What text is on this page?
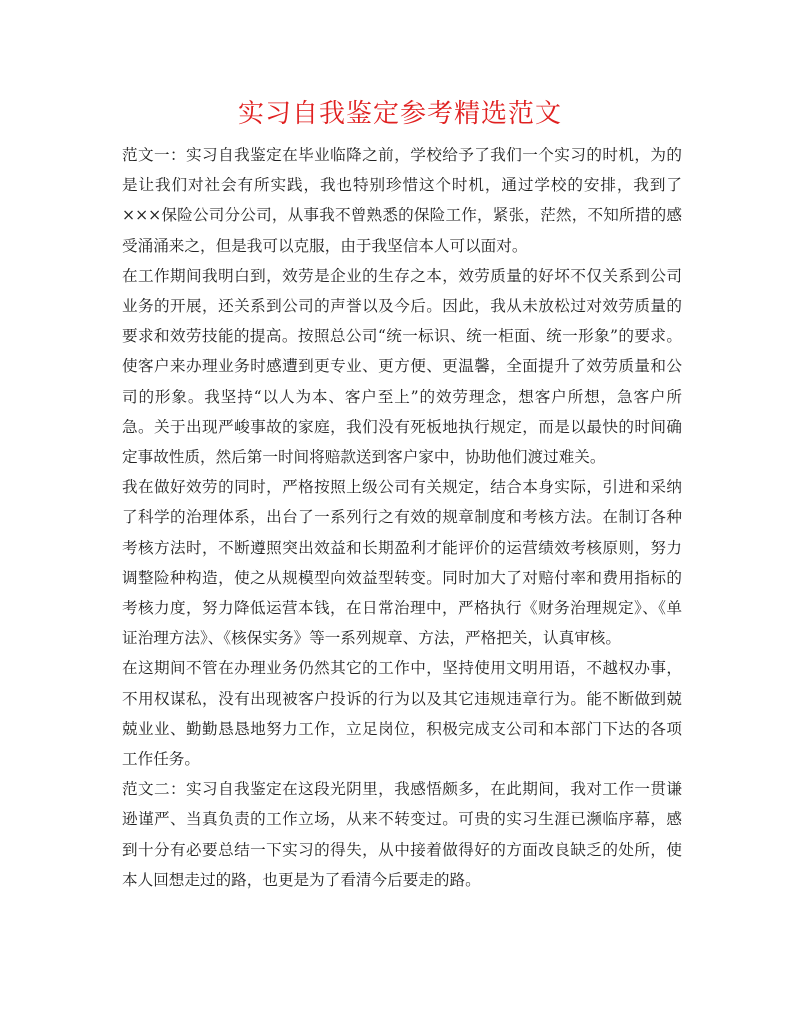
实习自我鉴定参考精选范文

范文一：实习自我鉴定在毕业临降之前，学校给予了我们一个实习的时机，为的是让我们对社会有所实践，我也特别珍惜这个时机，通过学校的安排，我到了×××保险公司分公司，从事我不曾熟悉的保险工作，紧张，茫然，不知所措的感受涌涌来之，但是我可以克服，由于我坚信本人可以面对。

在工作期间我明白到，效劳是企业的生存之本，效劳质量的好坏不仅关系到公司业务的开展，还关系到公司的声誉以及今后。因此，我从未放松过对效劳质量的要求和效劳技能的提高。按照总公司“统一标识、统一柜面、统一形象”的要求。使客户来办理业务时感遭到更专业、更方便、更温馨，全面提升了效劳质量和公司的形象。我坚持“以人为本、客户至上”的效劳理念，想客户所想，急客户所急。关于出现严峻事故的家庭，我们没有死板地执行规定，而是以最快的时间确定事故性质，然后第一时间将赔款送到客户家中，协助他们渡过难关。

我在做好效劳的同时，严格按照上级公司有关规定，结合本身实际，引进和采纳了科学的治理体系，出台了一系列行之有效的规章制度和考核方法。在制订各种考核方法时，不断遵照突出效益和长期盈利才能评价的运营绩效考核原则，努力调整险种构造，使之从规模型向效益型转变。同时加大了对赔付率和费用指标的考核力度，努力降低运营本钱，在日常治理中，严格执行《财务治理规定》、《单证治理方法》、《核保实务》等一系列规章、方法，严格把关，认真审核。

在这期间不管在办理业务仍然其它的工作中，坚持使用文明用语，不越权办事，不用权谋私，没有出现被客户投诉的行为以及其它违规违章行为。能不断做到兢兢业业、勤勤恳恳地努力工作，立足岗位，积极完成支公司和本部门下达的各项工作任务。

范文二：实习自我鉴定在这段光阴里，我感悟颇多，在此期间，我对工作一贯谦逊谨严、当真负责的工作立场，从来不转变过。可贵的实习生涯已濒临序幕，感到十分有必要总结一下实习的得失，从中接着做得好的方面改良缺乏的处所，使本人回想走过的路，也更是为了看清今后要走的路。
